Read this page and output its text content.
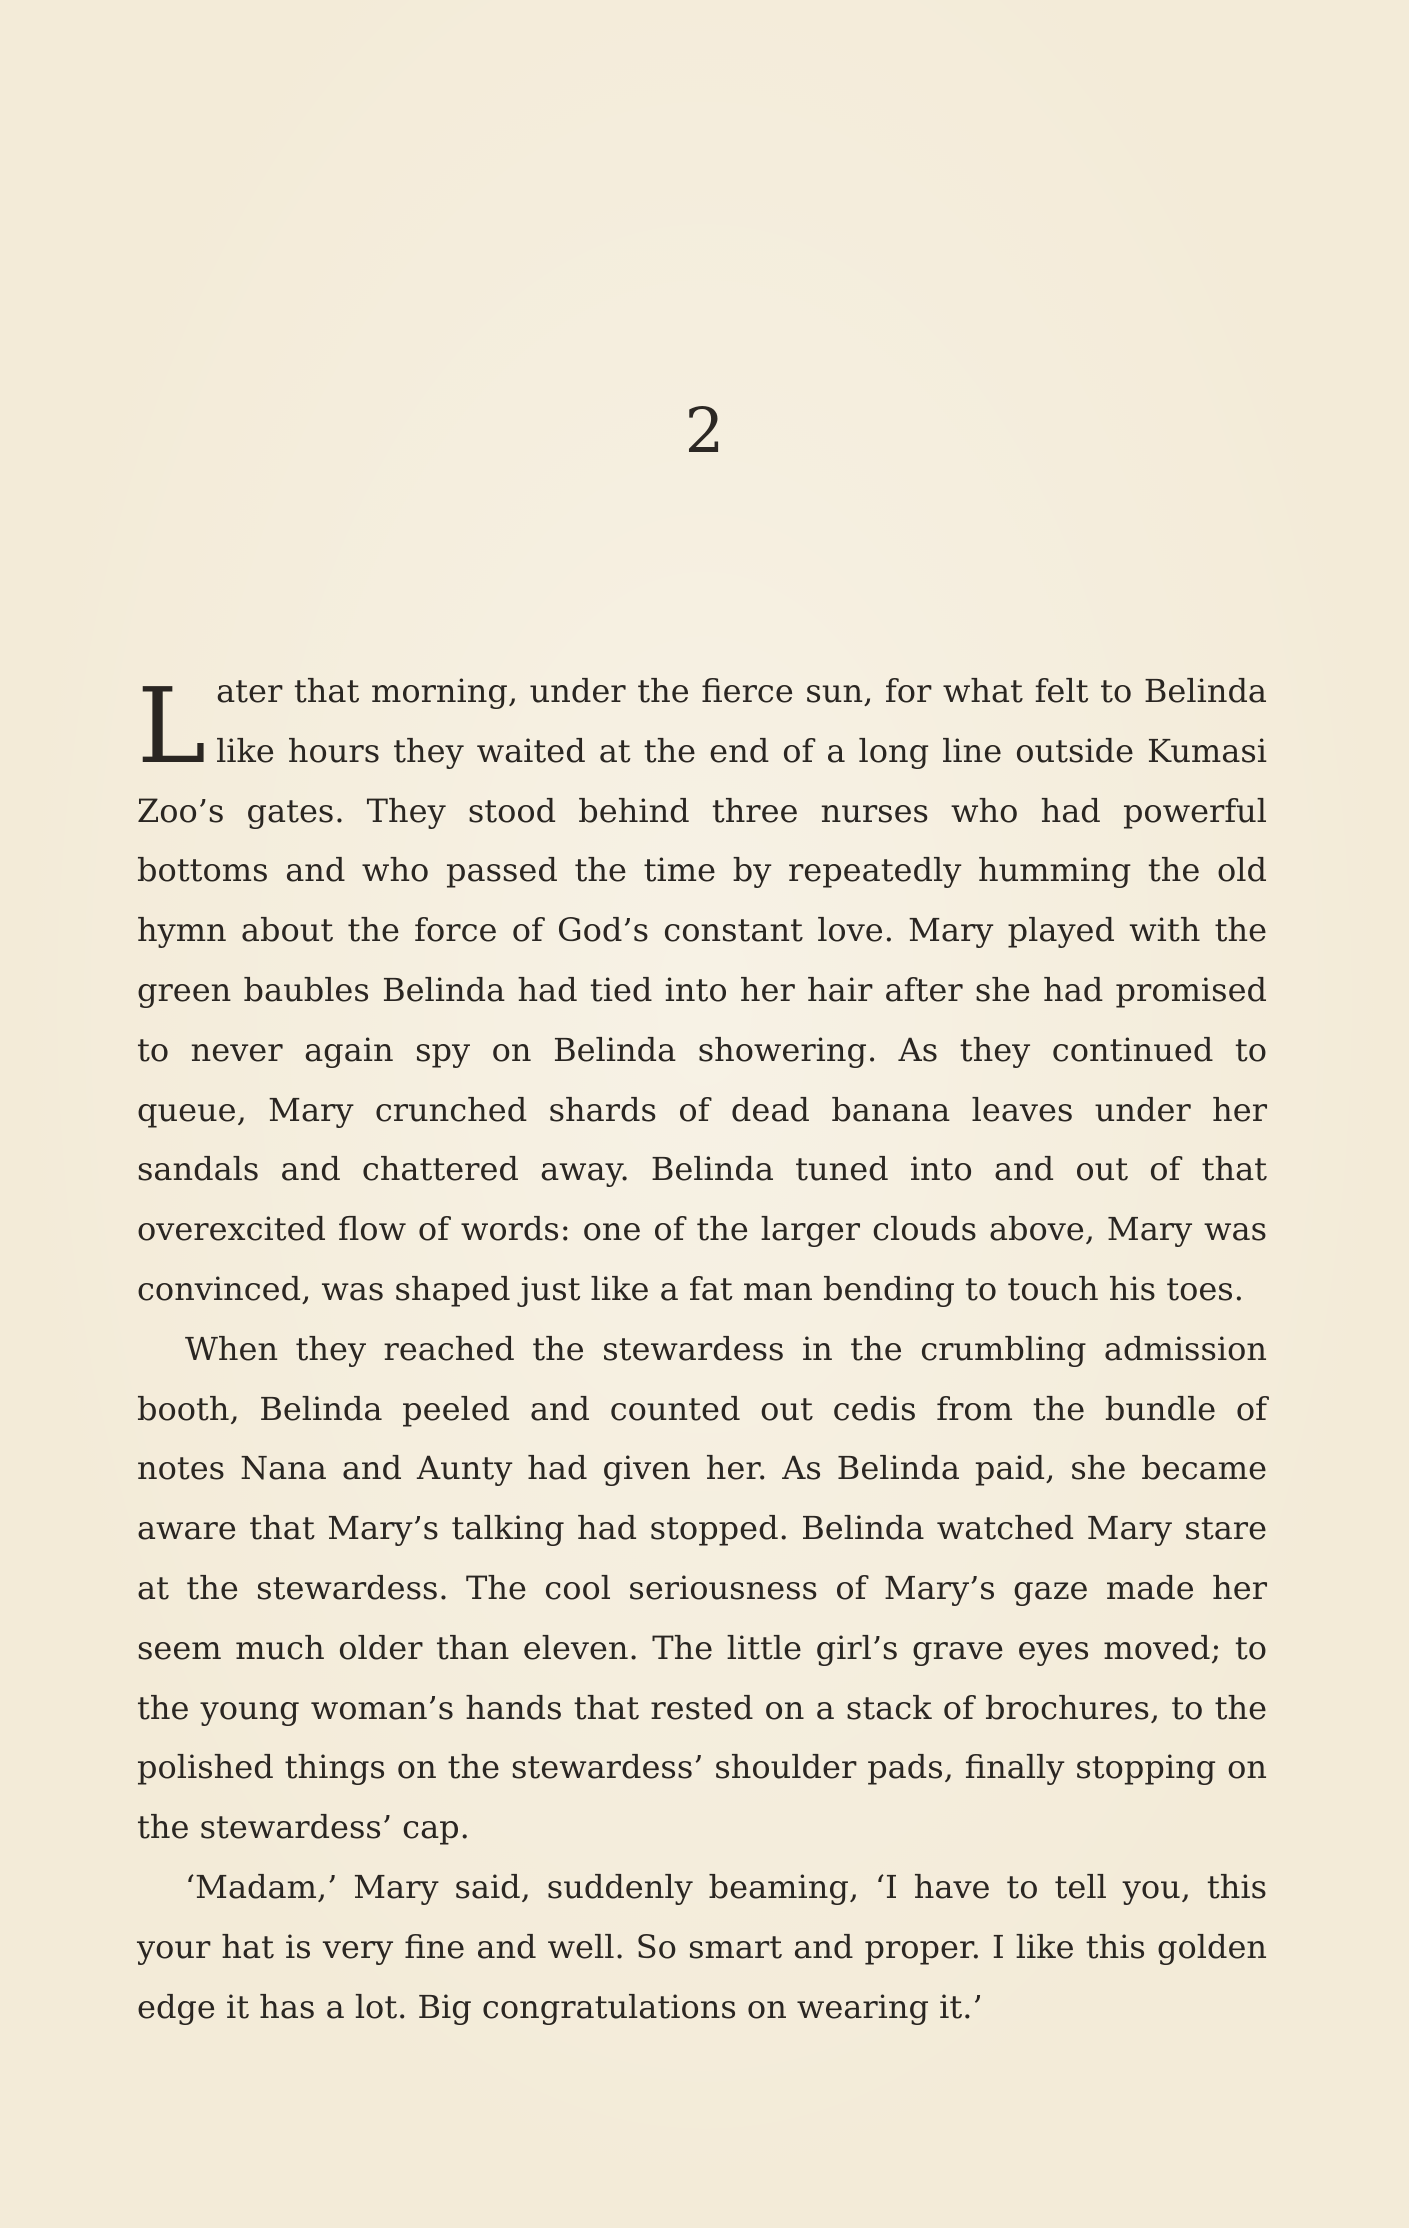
2

Later that morning, under the fierce sun, for what felt to Belinda like hours they waited at the end of a long line outside Kumasi Zoo’s gates. They stood behind three nurses who had powerful bottoms and who passed the time by repeatedly humming the old hymn about the force of God’s constant love. Mary played with the green baubles Belinda had tied into her hair after she had promised to never again spy on Belinda showering. As they continued to queue, Mary crunched shards of dead banana leaves under her sandals and chattered away. Belinda tuned into and out of that overexcited flow of words: one of the larger clouds above, Mary was convinced, was shaped just like a fat man bending to touch his toes.

When they reached the stewardess in the crumbling admission booth, Belinda peeled and counted out cedis from the bundle of notes Nana and Aunty had given her. As Belinda paid, she became aware that Mary’s talking had stopped. Belinda watched Mary stare at the stewardess. The cool seriousness of Mary’s gaze made her seem much older than eleven. The little girl’s grave eyes moved; to the young woman’s hands that rested on a stack of brochures, to the polished things on the stewardess’ shoulder pads, finally stopping on the stewardess’ cap.

‘Madam,’ Mary said, suddenly beaming, ‘I have to tell you, this your hat is very fine and well. So smart and proper. I like this golden edge it has a lot. Big congratulations on wearing it.’
